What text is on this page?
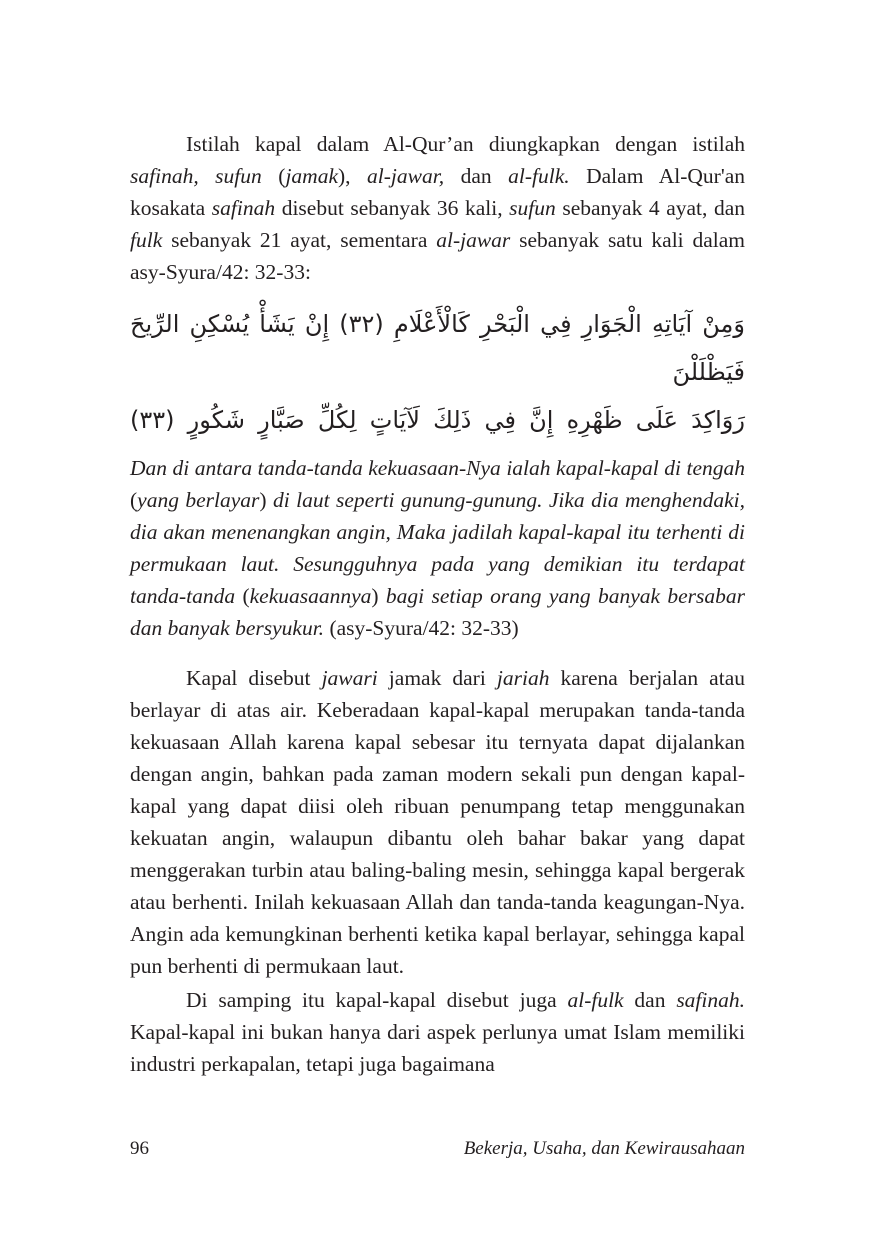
Istilah kapal dalam Al-Qur’an diungkapkan dengan istilah safinah, sufun (jamak), al-jawar, dan al-fulk. Dalam Al-Qur'an kosakata safinah disebut sebanyak 36 kali, sufun sebanyak 4 ayat, dan fulk sebanyak 21 ayat, sementara al-jawar sebanyak satu kali dalam asy-Syura/42: 32-33:

وَمِنْ آيَاتِهِ الْجَوَارِ فِي الْبَحْرِ كَالْأَعْلَامِ (٣٢) إِنْ يَشَأْ يُسْكِنِ الرِّيحَ فَيَظْلَلْنَ
رَوَاكِدَ عَلَى ظَهْرِهِ إِنَّ فِي ذَلِكَ لَآيَاتٍ لِكُلِّ صَبَّارٍ شَكُورٍ (٣٣)

Dan di antara tanda-tanda kekuasaan-Nya ialah kapal-kapal di tengah (yang berlayar) di laut seperti gunung-gunung. Jika dia menghendaki, dia akan menenangkan angin, Maka jadilah kapal-kapal itu terhenti di permukaan laut. Sesungguhnya pada yang demikian itu terdapat tanda-tanda (kekuasaannya) bagi setiap orang yang banyak bersabar dan banyak bersyukur. (asy-Syura/42: 32-33)

Kapal disebut jawari jamak dari jariah karena berjalan atau berlayar di atas air. Keberadaan kapal-kapal merupakan tanda-tanda kekuasaan Allah karena kapal sebesar itu ternyata dapat dijalankan dengan angin, bahkan pada zaman modern sekali pun dengan kapal-kapal yang dapat diisi oleh ribuan penumpang tetap menggunakan kekuatan angin, walaupun dibantu oleh bahar bakar yang dapat menggerakan turbin atau baling-baling mesin, sehingga kapal bergerak atau berhenti. Inilah kekuasaan Allah dan tanda-tanda keagungan-Nya. Angin ada kemungkinan berhenti ketika kapal berlayar, sehingga kapal pun berhenti di permukaan laut.

Di samping itu kapal-kapal disebut juga al-fulk dan safinah. Kapal-kapal ini bukan hanya dari aspek perlunya umat Islam memiliki industri perkapalan, tetapi juga bagaimana

96	Bekerja, Usaha, dan Kewirausahaan
